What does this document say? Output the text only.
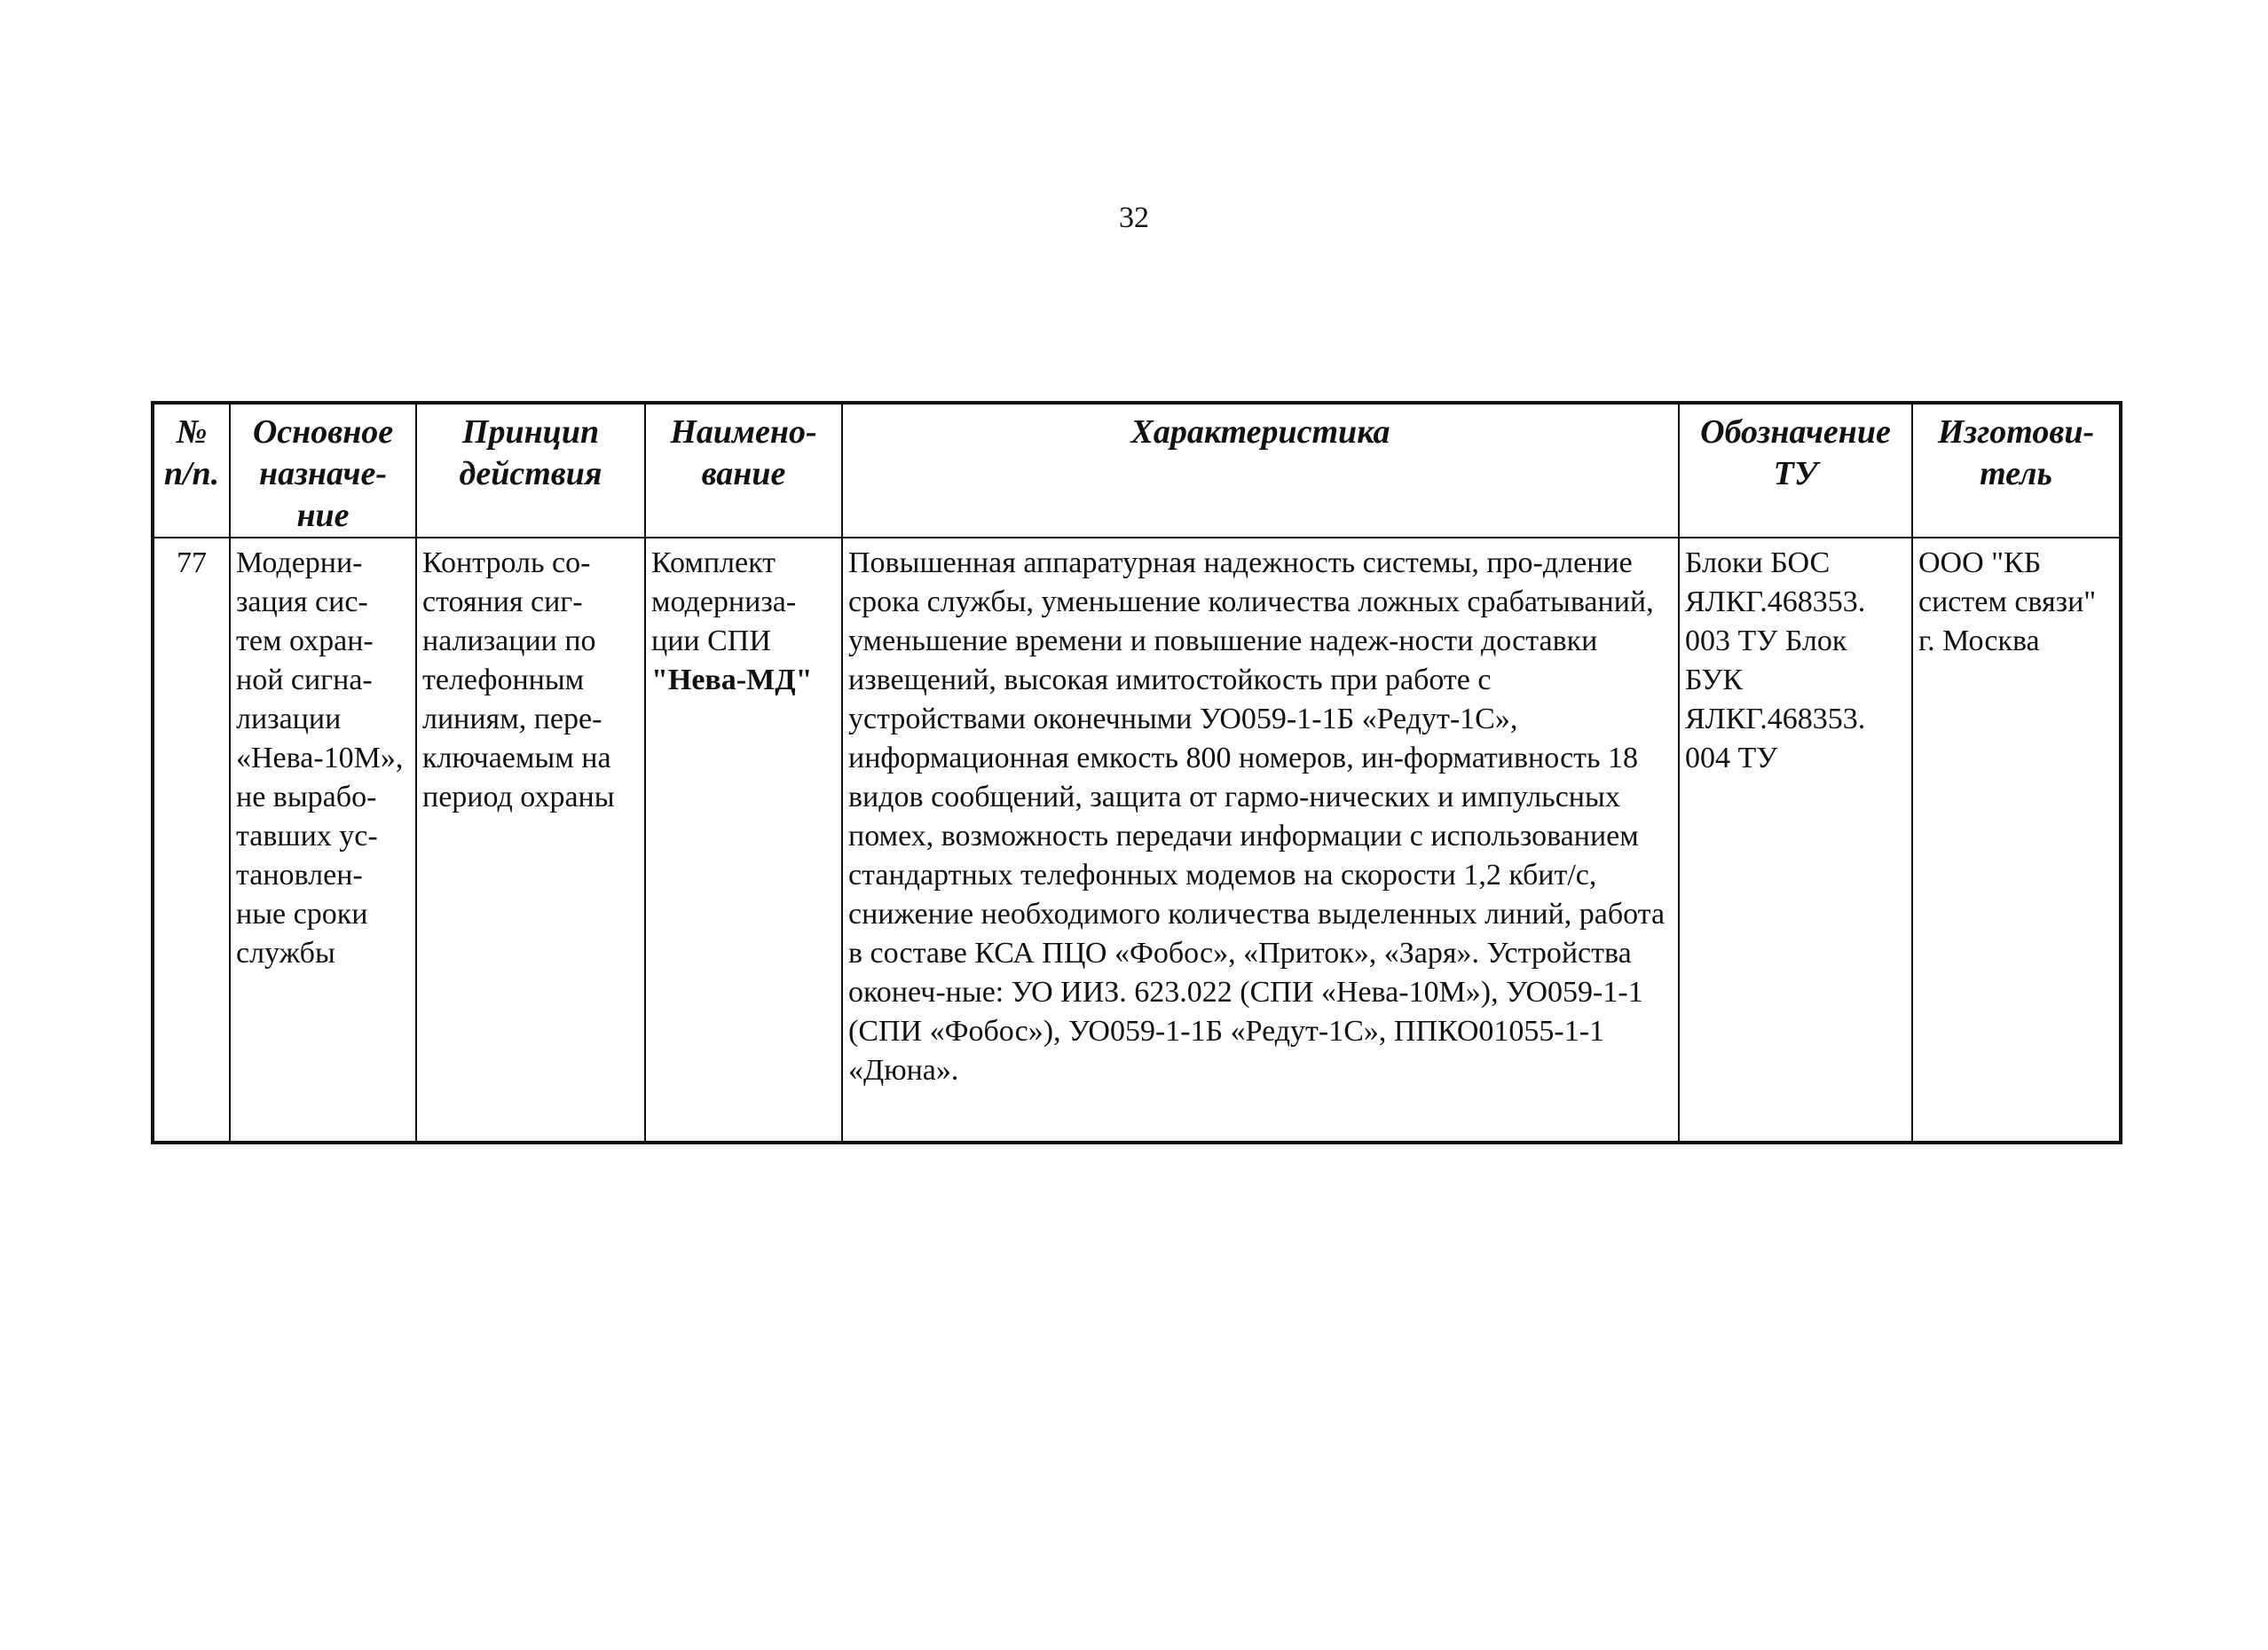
32
№ п/п.	Основное назначе-ние	Принцип действия	Наимено-вание	Характеристика	Обозначение ТУ	Изготови-тель
77	Модерни-зация сис-тем охран-ной сигна-лизации «Нева-10М», не вырабо-тавших ус-тановлен-ные сроки службы	Контроль со-стояния сиг-нализации по телефонным линиям, пере-ключаемым на период охраны	Комплект модерниза-ции СПИ "Нева-МД"	Повышенная аппаратурная надежность системы, про-дление срока службы, уменьшение количества ложных срабатываний, уменьшение времени и повышение надеж-ности доставки извещений, высокая имитостойкость при работе с устройствами оконечными УО059-1-1Б «Редут-1С», информационная емкость 800 номеров, ин-формативность 18 видов сообщений, защита от гармо-нических и импульсных помех, возможность передачи информации с использованием стандартных телефонных модемов на скорости 1,2 кбит/с, снижение необходимого количества выделенных линий, работа в составе КСА ПЦО «Фобос», «Приток», «Заря». Устройства оконеч-ные: УО ИИЗ. 623.022 (СПИ «Нева-10М»), УО059-1-1 (СПИ «Фобос»), УО059-1-1Б «Редут-1С», ППКО01055-1-1 «Дюна».	Блоки БОС ЯЛКГ.468353. 003 ТУ Блок БУК ЯЛКГ.468353. 004 ТУ	ООО "КБ систем связи" г. Москва
